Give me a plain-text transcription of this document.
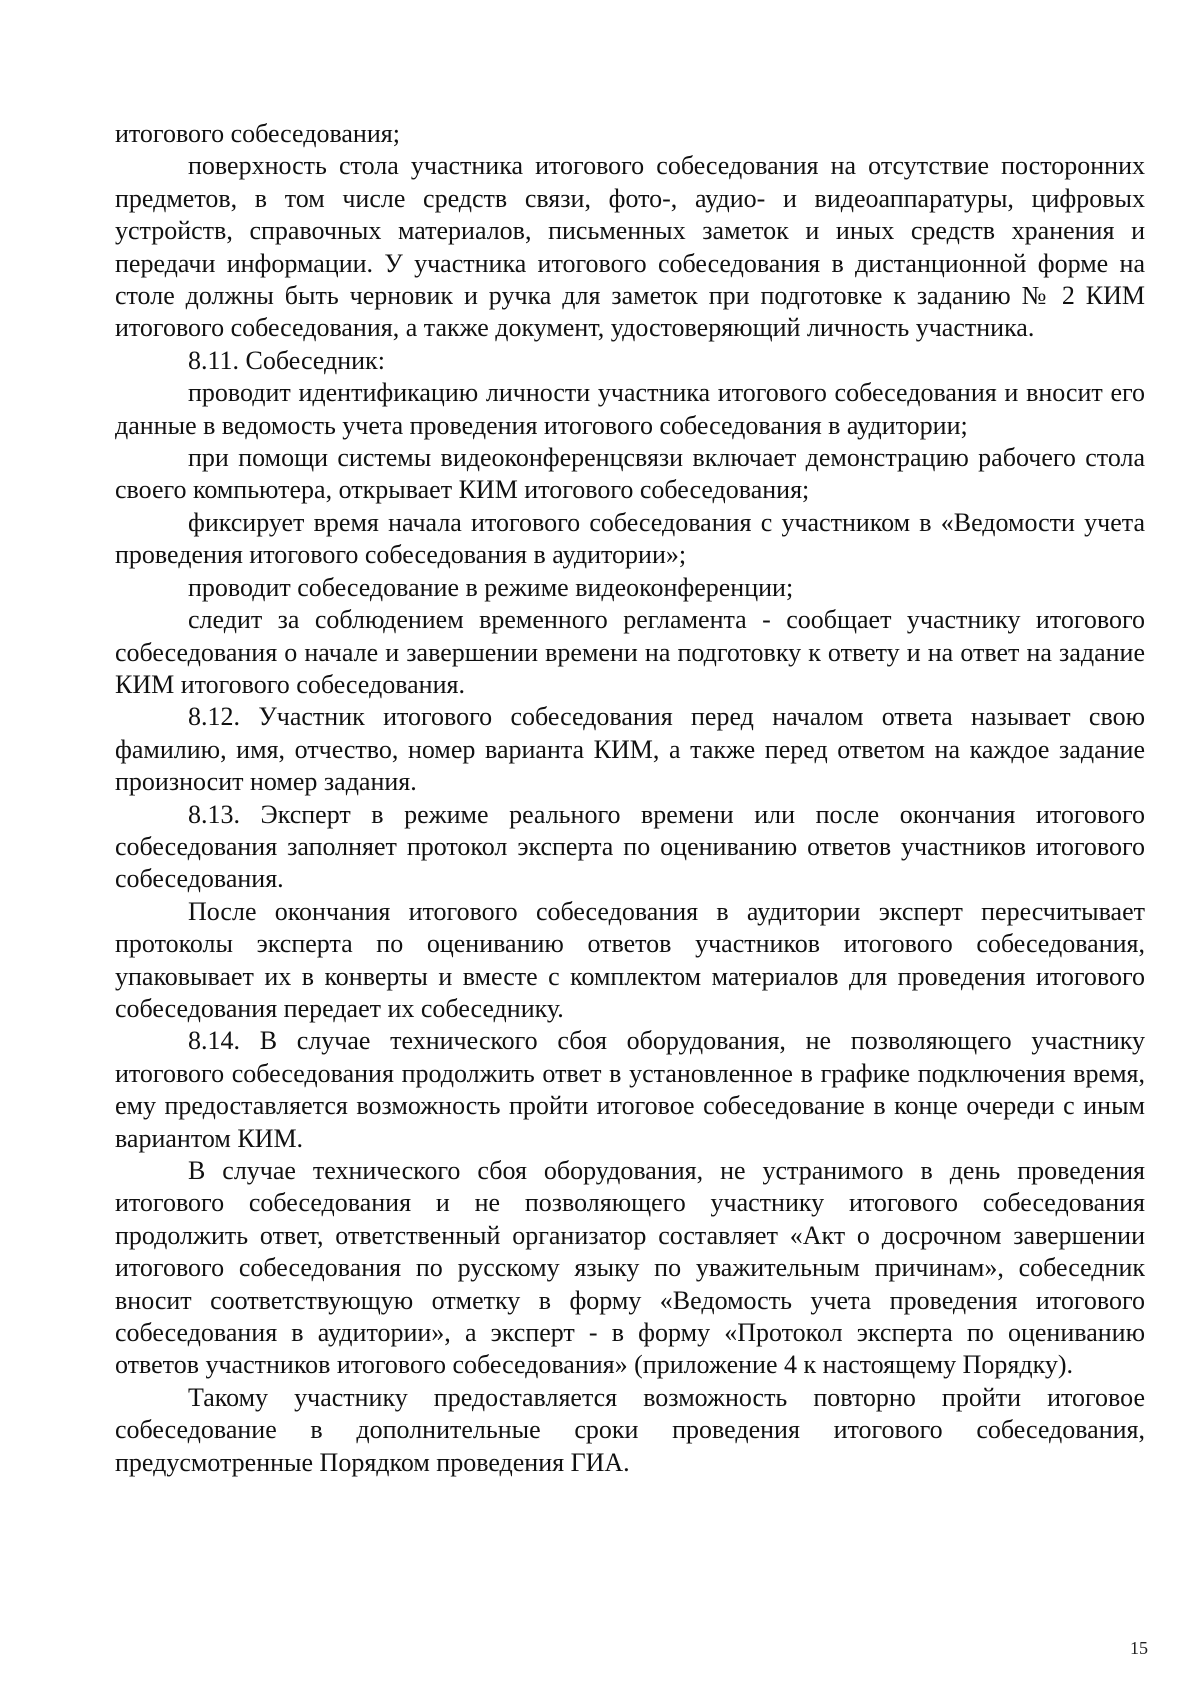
итогового собеседования;

поверхность стола участника итогового собеседования на отсутствие посторонних предметов, в том числе средств связи, фото-, аудио- и видеоаппаратуры, цифровых устройств, справочных материалов, письменных заметок и иных средств хранения и передачи информации. У участника итогового собеседования в дистанционной форме на столе должны быть черновик и ручка для заметок при подготовке к заданию № 2 КИМ итогового собеседования, а также документ, удостоверяющий личность участника.

8.11. Собеседник:

проводит идентификацию личности участника итогового собеседования и вносит его данные в ведомость учета проведения итогового собеседования в аудитории;

при помощи системы видеоконференцсвязи включает демонстрацию рабочего стола своего компьютера, открывает КИМ итогового собеседования;

фиксирует время начала итогового собеседования с участником в «Ведомости учета проведения итогового собеседования в аудитории»;

проводит собеседование в режиме видеоконференции;

следит за соблюдением временного регламента - сообщает участнику итогового собеседования о начале и завершении времени на подготовку к ответу и на ответ на задание КИМ итогового собеседования.

8.12. Участник итогового собеседования перед началом ответа называет свою фамилию, имя, отчество, номер варианта КИМ, а также перед ответом на каждое задание произносит номер задания.

8.13. Эксперт в режиме реального времени или после окончания итогового собеседования заполняет протокол эксперта по оцениванию ответов участников итогового собеседования.

После окончания итогового собеседования в аудитории эксперт пересчитывает протоколы эксперта по оцениванию ответов участников итогового собеседования, упаковывает их в конверты и вместе с комплектом материалов для проведения итогового собеседования передает их собеседнику.

8.14. В случае технического сбоя оборудования, не позволяющего участнику итогового собеседования продолжить ответ в установленное в графике подключения время, ему предоставляется возможность пройти итоговое собеседование в конце очереди с иным вариантом КИМ.

В случае технического сбоя оборудования, не устранимого в день проведения итогового собеседования и не позволяющего участнику итогового собеседования продолжить ответ, ответственный организатор составляет «Акт о досрочном завершении итогового собеседования по русскому языку по уважительным причинам», собеседник вносит соответствующую отметку в форму «Ведомость учета проведения итогового собеседования в аудитории», а эксперт - в форму «Протокол эксперта по оцениванию ответов участников итогового собеседования» (приложение 4 к настоящему Порядку).

Такому участнику предоставляется возможность повторно пройти итоговое собеседование в дополнительные сроки проведения итогового собеседования, предусмотренные Порядком проведения ГИА.

15
